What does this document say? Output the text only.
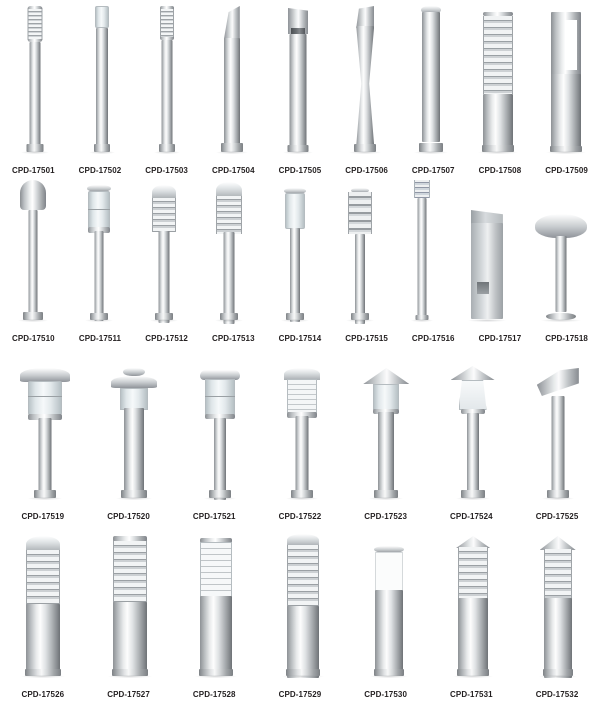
CPD-17501	CPD-17502	CPD-17503	CPD-17504	CPD-17505	CPD-17506	CPD-17507	CPD-17508	CPD-17509
CPD-17510	CPD-17511	CPD-17512	CPD-17513	CPD-17514	CPD-17515	CPD-17516	CPD-17517	CPD-17518
CPD-17519	CPD-17520	CPD-17521	CPD-17522	CPD-17523	CPD-17524	CPD-17525
CPD-17526	CPD-17527	CPD-17528	CPD-17529	CPD-17530	CPD-17531	CPD-17532
